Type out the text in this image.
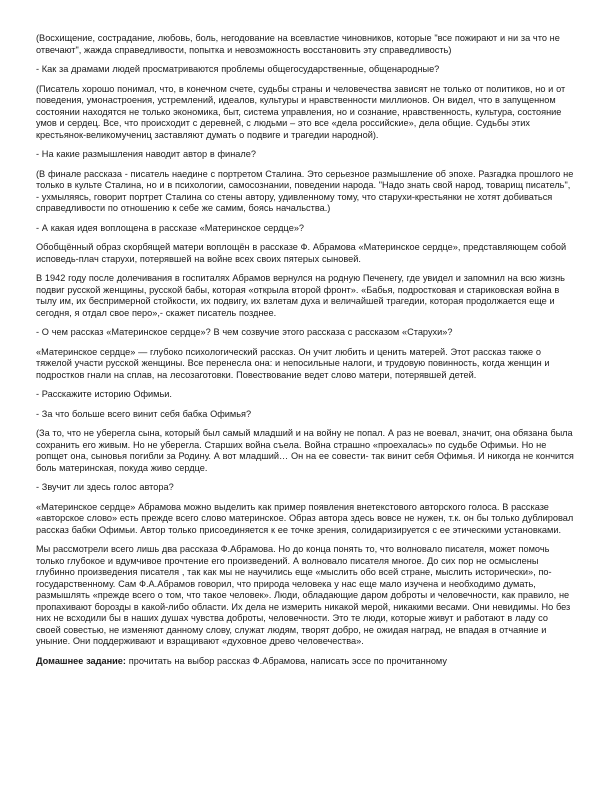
(Восхищение, сострадание, любовь, боль, негодование на всевластие чиновников, которые "все пожирают и ни за что не отвечают", жажда справедливости, попытка и невозможность восстановить эту справедливость)

- Как за драмами людей просматриваются проблемы общегосударственные, общенародные?

(Писатель хорошо понимал, что, в конечном счете, судьбы страны и человечества зависят не только от политиков, но и от поведения, умонастроения, устремлений, идеалов, культуры и нравственности миллионов. Он видел, что в запущенном состоянии находятся не только экономика, быт, система управления, но и сознание, нравственность, культура, состояние умов и сердец. Все, что происходит с деревней, с людьми – это все «дела российские», дела общие. Судьбы этих крестьянок-великомучениц заставляют думать о подвиге и трагедии народной).

- На какие размышления наводит автор в финале?

(В финале рассказа - писатель наедине с портретом Сталина. Это серьезное размышление об эпохе. Разгадка прошлого не только в культе Сталина, но и в психологии, самосознании, поведении народа. "Надо знать свой народ, товарищ писатель", - ухмыляясь, говорит портрет Сталина со стены автору, удивленному тому, что старухи-крестьянки не хотят добиваться справедливости по отношению к себе же самим, боясь начальства.)

- А какая идея воплощена в рассказе «Материнское сердце»?

Обобщённый образ скорбящей матери воплощён в рассказе Ф. Абрамова «Материнское сердце», представляющем собой исповедь-плач старухи, потерявшей на войне всех своих пятерых сыновей.

В 1942 году после долечивания в госпиталях Абрамов вернулся на родную Печенегу, где увидел и запомнил на всю жизнь подвиг русской женщины, русской бабы, которая «открыла второй фронт». «Бабья, подростковая и стариковская война в тылу им, их беспримерной стойкости, их подвигу, их взлетам духа и величайшей трагедии, которая продолжается еще и сегодня, я отдал свое перо»,- скажет писатель позднее.

- О чем рассказ «Материнское сердце»? В чем созвучие этого рассказа с рассказом «Старухи»?

«Материнское сердце» — глубоко психологический рассказ. Он учит любить и ценить матерей. Этот рассказ также о тяжелой участи русской женщины. Все перенесла она: и непосильные налоги, и трудовую повинность, когда женщин и подростков гнали на сплав, на лесозаготовки. Повествование ведет слово матери, потерявшей детей.

- Расскажите историю Офимьи.

- За что больше всего винит себя бабка Офимья?

(За то, что не уберегла сына, который был самый младший и на войну не попал. А раз не воевал, значит, она обязана была сохранить его живым. Но не уберегла. Старших война съела. Война страшно «проехалась» по судьбе Офимьи. Но не ропщет она, сыновья погибли за Родину. А вот младший… Он на ее совести- так винит себя Офимья. И никогда не кончится боль материнская, покуда живо сердце.

- Звучит ли здесь голос автора?

«Материнское сердце» Абрамова можно выделить как пример появления внетекстового авторского голоса. В рассказе «авторское слово» есть прежде всего слово материнское. Образ автора здесь вовсе не нужен, т.к. он бы только дублировал рассказ бабки Офимьи. Автор только присоединяется к ее точке зрения, солидаризируется с ее этическими установками.

Мы рассмотрели всего лишь два рассказа Ф.Абрамова. Но до конца понять то, что волновало писателя, может помочь только глубокое и вдумчивое прочтение его произведений. А волновало писателя многое. До сих пор не осмыслены глубинно произведения писателя , так как мы не научились еще «мыслить обо всей стране, мыслить исторически», по-государственному. Сам Ф.А.Абрамов говорил, что природа человека у нас еще мало изучена и необходимо думать, размышлять «прежде всего о том, что такое человек». Люди, обладающие даром доброты и человечности, как правило, не пропахивают борозды в какой-либо области. Их дела не измерить никакой мерой, никакими весами. Они невидимы. Но без них не всходили бы в наших душах чувства доброты, человечности. Это те люди, которые живут и работают в ладу со своей совестью, не изменяют данному слову, служат людям, творят добро, не ожидая наград, не впадая в отчаяние и уныние. Они поддерживают и взращивают «духовное древо человечества».

Домашнее задание: прочитать на выбор рассказ Ф.Абрамова, написать эссе по прочитанному
